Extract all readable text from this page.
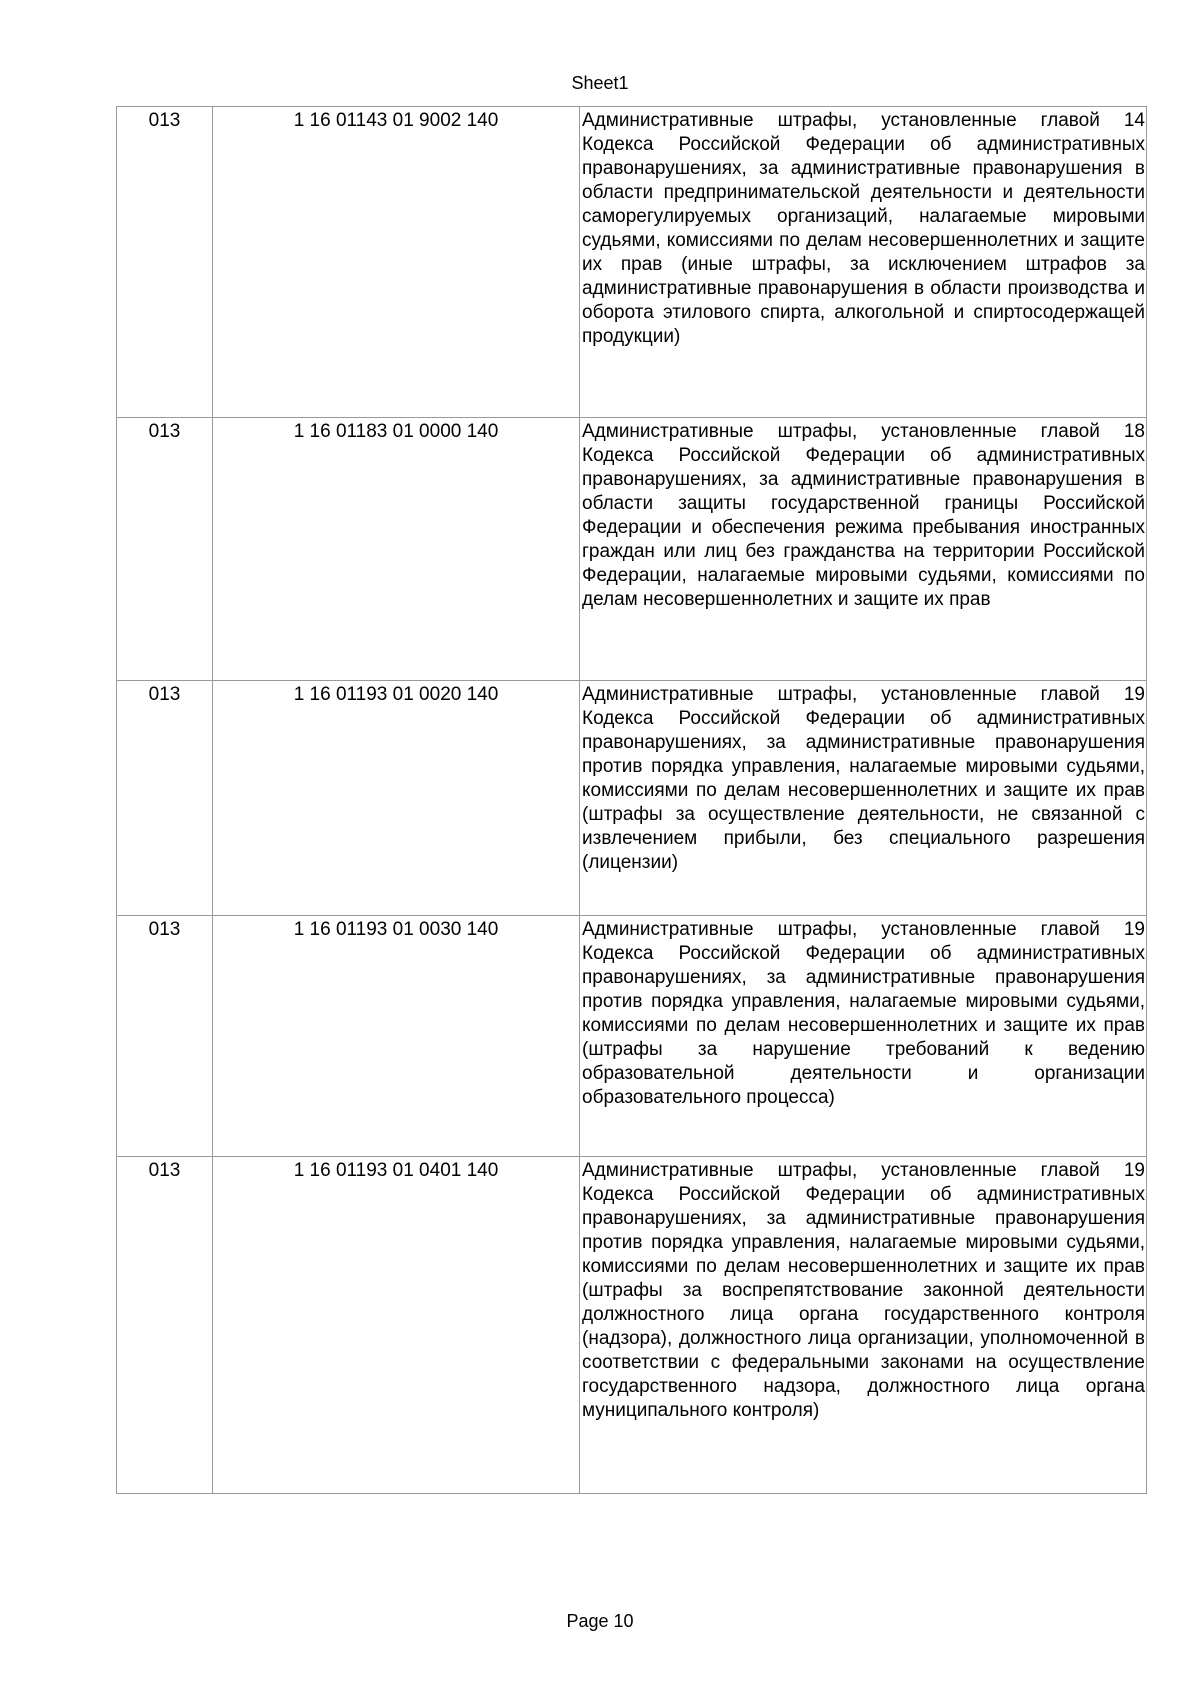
Sheet1
013	1 16 01143 01 9002 140	Административные штрафы, установленные главой 14 Кодекса Российской Федерации об административных правонарушениях, за административные правонарушения в области предпринимательской деятельности и деятельности саморегулируемых организаций, налагаемые мировыми судьями, комиссиями по делам несовершеннолетних и защите их прав (иные штрафы, за исключением штрафов за административные правонарушения в области производства и оборота этилового спирта, алкогольной и спиртосодержащей продукции)

013	1 16 01183 01 0000 140	Административные штрафы, установленные главой 18 Кодекса Российской Федерации об административных правонарушениях, за административные правонарушения в области защиты государственной границы Российской Федерации и обеспечения режима пребывания иностранных граждан или лиц без гражданства на территории Российской Федерации, налагаемые мировыми судьями, комиссиями по делам несовершеннолетних и защите их прав

013	1 16 01193 01 0020 140	Административные штрафы, установленные главой 19 Кодекса Российской Федерации об административных правонарушениях, за административные правонарушения против порядка управления, налагаемые мировыми судьями, комиссиями по делам несовершеннолетних и защите их прав (штрафы за осуществление деятельности, не связанной с извлечением прибыли, без специального разрешения (лицензии)

013	1 16 01193 01 0030 140	Административные штрафы, установленные главой 19 Кодекса Российской Федерации об административных правонарушениях, за административные правонарушения против порядка управления, налагаемые мировыми судьями, комиссиями по делам несовершеннолетних и защите их прав (штрафы за нарушение требований к ведению образовательной деятельности и организации образовательного процесса)

013	1 16 01193 01 0401 140	Административные штрафы, установленные главой 19 Кодекса Российской Федерации об административных правонарушениях, за административные правонарушения против порядка управления, налагаемые мировыми судьями, комиссиями по делам несовершеннолетних и защите их прав (штрафы за воспрепятствование законной деятельности должностного лица органа государственного контроля (надзора), должностного лица организации, уполномоченной в соответствии с федеральными законами на осуществление государственного надзора, должностного лица органа муниципального контроля)
Page 10
